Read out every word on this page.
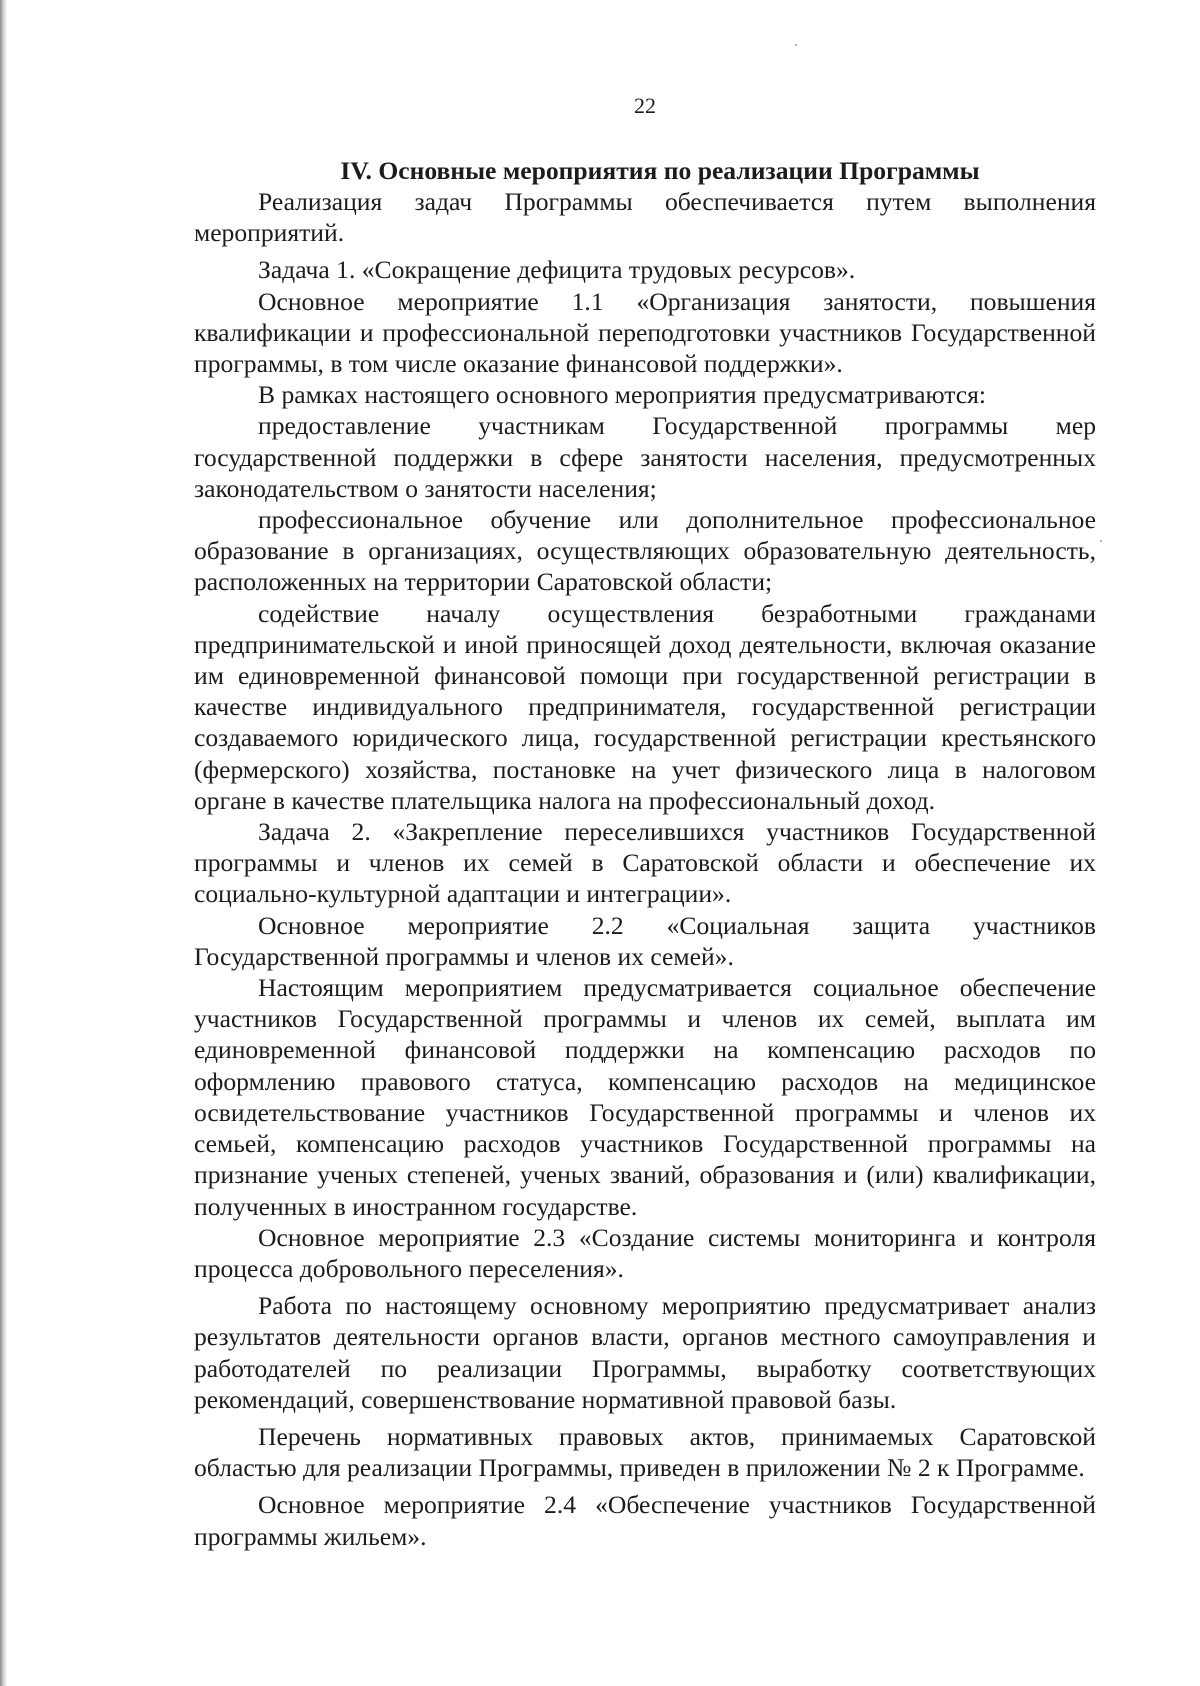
22
IV. Основные мероприятия по реализации Программы

Реализация задач Программы обеспечивается путем выполнения мероприятий.

Задача 1. «Сокращение дефицита трудовых ресурсов».

Основное мероприятие 1.1 «Организация занятости, повышения квалификации и профессиональной переподготовки участников Государственной программы, в том числе оказание финансовой поддержки».

В рамках настоящего основного мероприятия предусматриваются:

предоставление участникам Государственной программы мер государственной поддержки в сфере занятости населения, предусмотренных законодательством о занятости населения;

профессиональное обучение или дополнительное профессиональное образование в организациях, осуществляющих образовательную деятельность, расположенных на территории Саратовской области;

содействие началу осуществления безработными гражданами предпринимательской и иной приносящей доход деятельности, включая оказание им единовременной финансовой помощи при государственной регистрации в качестве индивидуального предпринимателя, государственной регистрации создаваемого юридического лица, государственной регистрации крестьянского (фермерского) хозяйства, постановке на учет физического лица в налоговом органе в качестве плательщика налога на профессиональный доход.

Задача 2. «Закрепление переселившихся участников Государственной программы и членов их семей в Саратовской области и обеспечение их социально-культурной адаптации и интеграции».

Основное мероприятие 2.2 «Социальная защита участников Государственной программы и членов их семей».

Настоящим мероприятием предусматривается социальное обеспечение участников Государственной программы и членов их семей, выплата им единовременной финансовой поддержки на компенсацию расходов по оформлению правового статуса, компенсацию расходов на медицинское освидетельствование участников Государственной программы и членов их семьей, компенсацию расходов участников Государственной программы на признание ученых степеней, ученых званий, образования и (или) квалификации, полученных в иностранном государстве.

Основное мероприятие 2.3 «Создание системы мониторинга и контроля процесса добровольного переселения».

Работа по настоящему основному мероприятию предусматривает анализ результатов деятельности органов власти, органов местного самоуправления и работодателей по реализации Программы, выработку соответствующих рекомендаций, совершенствование нормативной правовой базы.

Перечень нормативных правовых актов, принимаемых Саратовской областью для реализации Программы, приведен в приложении № 2 к Программе.

Основное мероприятие 2.4 «Обеспечение участников Государственной программы жильем».
